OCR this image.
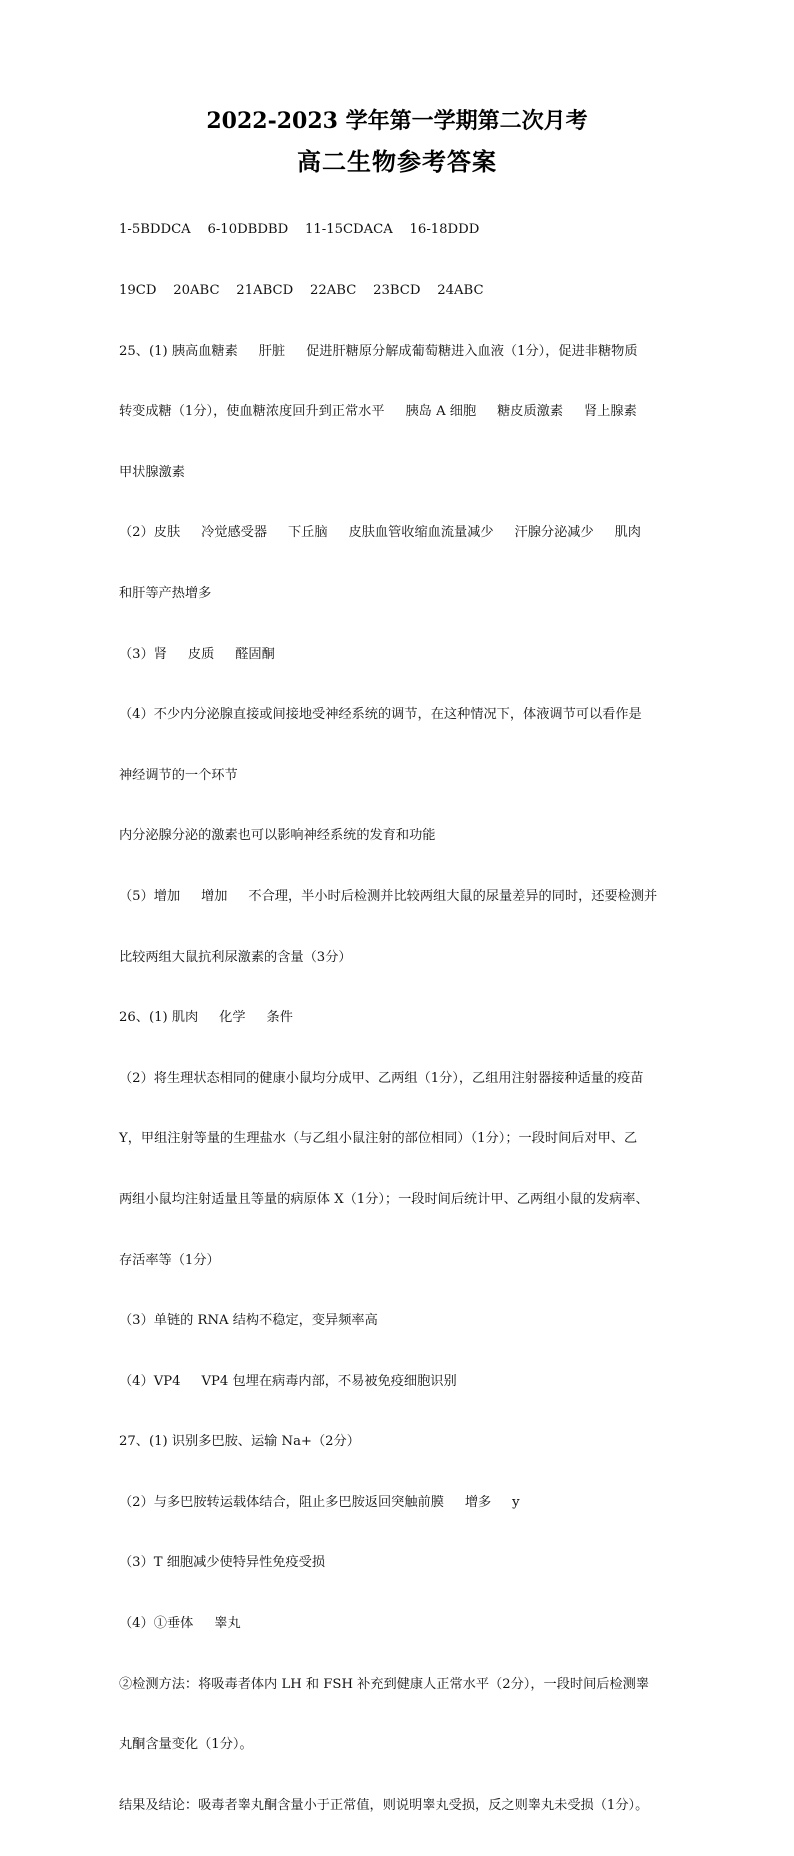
2022-2023 学年第一学期第二次月考
高二生物参考答案

1-5BDDCA    6-10DBDBD    11-15CDACA    16-18DDD

19CD    20ABC    21ABCD    22ABC    23BCD    24ABC

25、(1) 胰高血糖素     肝脏     促进肝糖原分解成葡萄糖进入血液（1分），促进非糖物质

转变成糖（1分），使血糖浓度回升到正常水平     胰岛 A 细胞     糖皮质激素     肾上腺素

甲状腺激素

（2）皮肤     冷觉感受器     下丘脑     皮肤血管收缩血流量减少     汗腺分泌减少     肌肉

和肝等产热增多

（3）肾     皮质     醛固酮

（4）不少内分泌腺直接或间接地受神经系统的调节，在这种情况下，体液调节可以看作是

神经调节的一个环节

内分泌腺分泌的激素也可以影响神经系统的发育和功能

（5）增加     增加     不合理，半小时后检测并比较两组大鼠的尿量差异的同时，还要检测并

比较两组大鼠抗利尿激素的含量（3分）

26、(1) 肌肉     化学     条件

（2）将生理状态相同的健康小鼠均分成甲、乙两组（1分），乙组用注射器接种适量的疫苗

Y，甲组注射等量的生理盐水（与乙组小鼠注射的部位相同）（1分）；一段时间后对甲、乙

两组小鼠均注射适量且等量的病原体 X（1分）；一段时间后统计甲、乙两组小鼠的发病率、

存活率等（1分）

（3）单链的 RNA 结构不稳定，变异频率高

（4）VP4     VP4 包埋在病毒内部，不易被免疫细胞识别

27、(1) 识别多巴胺、运输 Na+（2分）

（2）与多巴胺转运载体结合，阻止多巴胺返回突触前膜     增多     y

（3）T 细胞减少使特异性免疫受损

（4）①垂体     睾丸

②检测方法：将吸毒者体内 LH 和 FSH 补充到健康人正常水平（2分），一段时间后检测睾

丸酮含量变化（1分）。

结果及结论：吸毒者睾丸酮含量小于正常值，则说明睾丸受损，反之则睾丸未受损（1分）。
